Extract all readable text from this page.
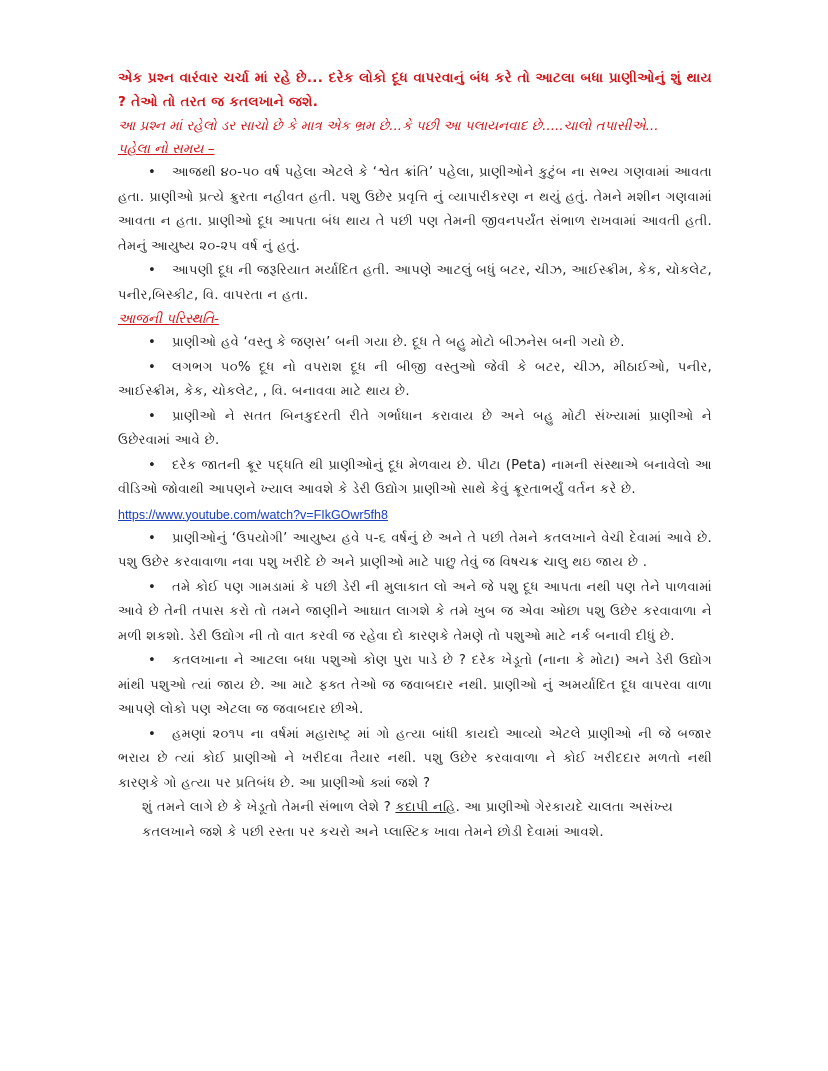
એક પ્રશ્ન વારંવાર ચર્ચા માં રહે છે... દરેક લોકો દૂધ વાપરવાનું બંધ કરે તો આટલા બધા પ્રાણીઓનું શું થાય ? તેઓ તો તરત જ કતલખાને જશે.

આ પ્રશ્ન માં રહેલો ડર સાચો છે કે માત્ર એક ભ્રમ છે...કે પછી આ પલાયનવાદ છે.....ચાલો તપાસીએ...

પહેલા નો સમય –

• આજથી ૪૦-૫૦ વર્ષ પહેલા એટલે કે ‘શ્વેત ક્રાંતિ’ પહેલા, પ્રાણીઓને કુટુંબ ના સભ્ય ગણવામાં આવતા હતા. પ્રાણીઓ પ્રત્યે ક્રુરતા નહીવત હતી. પશુ ઉછેર પ્રવૃત્તિ નું વ્યાપારીકરણ ન થયું હતું. તેમને મશીન ગણવામાં આવતા ન હતા. પ્રાણીઓ દૂધ આપતા બંધ થાય તે પછી પણ તેમની જીવનપર્યંત સંભાળ રાખવામાં આવતી હતી. તેમનું આયુષ્ય ૨૦-૨૫ વર્ષ નું હતું.

• આપણી દૂધ ની જરૂરિયાત મર્યાદિત હતી. આપણે આટલું બધું બટર, ચીઝ, આઈસ્ક્રીમ, કેક, ચોકલેટ, પનીર,બિસ્કીટ, વિ. વાપરતા ન હતા.

આજની પરિસ્થતિ-

• પ્રાણીઓ હવે ‘વસ્તુ કે જણસ’ બની ગયા છે. દૂધ તે બહુ મોટો બીઝનેસ બની ગયો છે.

• લગભગ ૫૦% દૂધ નો વપરાશ દૂધ ની બીજી વસ્તુઓ જેવી કે બટર, ચીઝ, મીઠાઈઓ, પનીર, આઈસ્ક્રીમ, કેક, ચોકલેટ, , વિ. બનાવવા માટે થાય છે.

• પ્રાણીઓ ને સતત બિનકુદરતી રીતે ગર્ભાધાન કરાવાય છે અને બહુ મોટી સંખ્યામાં પ્રાણીઓ ને ઉછેરવામાં આવે છે.

• દરેક જાતની ક્રૂર પદ્ધતિ થી પ્રાણીઓનું દૂધ મેળવાય છે. પીટા (Peta) નામની સંસ્થાએ બનાવેલો આ વીડિઓ જોવાથી આપણને ખ્યાલ આવશે કે ડેરી ઉદ્યોગ પ્રાણીઓ સાથે કેવું ક્રૂરતાભર્યું વર્તન કરે છે.

https://www.youtube.com/watch?v=FIkGOwr5fh8

• પ્રાણીઓનું ‘ઉપયોગી’ આયુષ્ય હવે ૫-૬ વર્ષનું છે અને તે પછી તેમને કતલખાને વેચી દેવામાં આવે છે. પશુ ઉછેર કરવાવાળા નવા પશુ ખરીદે છે અને પ્રાણીઓ માટે પાછુ તેવું જ વિષચક્ર ચાલુ થઇ જાય છે .

• તમે કોઈ પણ ગામડામાં કે પછી ડેરી ની મુલાકાત લો અને જે પશુ દૂધ આપતા નથી પણ તેને પાળવામાં આવે છે તેની તપાસ કરો તો તમને જાણીને આઘાત લાગશે કે તમે ખુબ જ એવા ઓછા પશુ ઉછેર કરવાવાળા ને મળી શકશો. ડેરી ઉદ્યોગ ની તો વાત કરવી જ રહેવા દો કારણકે તેમણે તો પશુઓ માટે નર્ક બનાવી દીધું છે.

• કતલખાના ને આટલા બધા પશુઓ કોણ પુરા પાડે છે ? દરેક ખેડૂતો (નાના કે મોટા) અને ડેરી ઉદ્યોગ માંથી પશુઓ ત્યાં જાય છે. આ માટે ફક્ત તેઓ જ જવાબદાર નથી. પ્રાણીઓ નું અમર્યાદિત દૂધ વાપરવા વાળા આપણે લોકો પણ એટલા જ જવાબદાર છીએ.

• હમણાં ૨૦૧૫ ના વર્ષમાં મહારાષ્ટ્ર માં ગો હત્યા બાંધી કાયદો આવ્યો એટલે પ્રાણીઓ ની જે બજાર ભરાય છે ત્યાં કોઈ પ્રાણીઓ ને ખરીદવા તૈયાર નથી. પશુ ઉછેર કરવાવાળા ને કોઈ ખરીદદાર મળતો નથી કારણકે ગો હત્યા પર પ્રતિબંધ છે. આ પ્રાણીઓ ક્યાં જશે ?

શું તમને લાગે છે કે ખેડૂતો તેમની સંભાળ લેશે ? કદાપી નહિ. આ પ્રાણીઓ ગેરકાયદે ચાલતા અસંખ્ય કતલખાને જશે કે પછી રસ્તા પર કચરો અને પ્લાસ્ટિક ખાવા તેમને છોડી દેવામાં આવશે.
